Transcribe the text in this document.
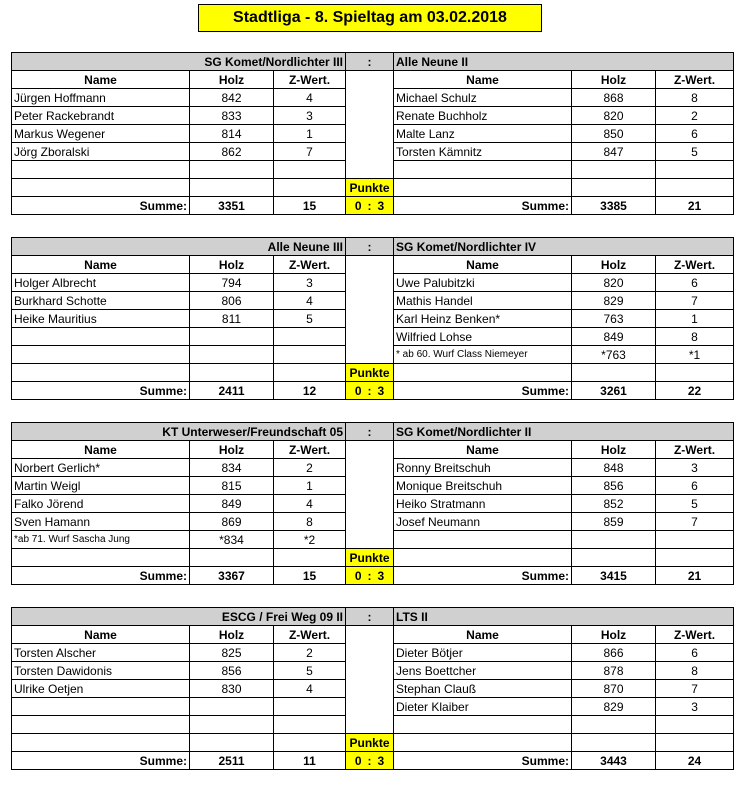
Stadtliga - 8. Spieltag am 03.02.2018
SG Komet/Nordlichter III			:	Alle Neune II		
Name	Holz	Z-Wert.		Name	Holz	Z-Wert.
Jürgen Hoffmann	842	4		Michael Schulz	868	8
Peter Rackebrandt	833	3		Renate Buchholz	820	2
Markus Wegener	814	1		Malte Lanz	850	6
Jörg Zboralski	862	7		Torsten Kämnitz	847	5

			Punkte			
Summe:	3351	15	0 : 3	Summe:	3385	21
Alle Neune III			:	SG Komet/Nordlichter IV		
Name	Holz	Z-Wert.		Name	Holz	Z-Wert.
Holger Albrecht	794	3		Uwe Palubitzki	820	6
Burkhard Schotte	806	4		Mathis Handel	829	7
Heike Mauritius	811	5		Karl Heinz Benken*	763	1
				Wilfried Lohse	849	8
				* ab 60. Wurf Class Niemeyer	*763	*1
			Punkte			
Summe:	2411	12	0 : 3	Summe:	3261	22
KT Unterweser/Freundschaft 05			:	SG Komet/Nordlichter II		
Name	Holz	Z-Wert.		Name	Holz	Z-Wert.
Norbert Gerlich*	834	2		Ronny Breitschuh	848	3
Martin Weigl	815	1		Monique Breitschuh	856	6
Falko Jörend	849	4		Heiko Stratmann	852	5
Sven Hamann	869	8		Josef Neumann	859	7
*ab 71. Wurf Sascha Jung	*834	*2				
			Punkte			
Summe:	3367	15	0 : 3	Summe:	3415	21
ESCG / Frei Weg 09 II			:	LTS II		
Name	Holz	Z-Wert.		Name	Holz	Z-Wert.
Torsten Alscher	825	2		Dieter Bötjer	866	6
Torsten Dawidonis	856	5		Jens Boettcher	878	8
Ulrike Oetjen	830	4		Stephan Clauß	870	7
				Dieter Klaiber	829	3

			Punkte			
Summe:	2511	11	0 : 3	Summe:	3443	24
